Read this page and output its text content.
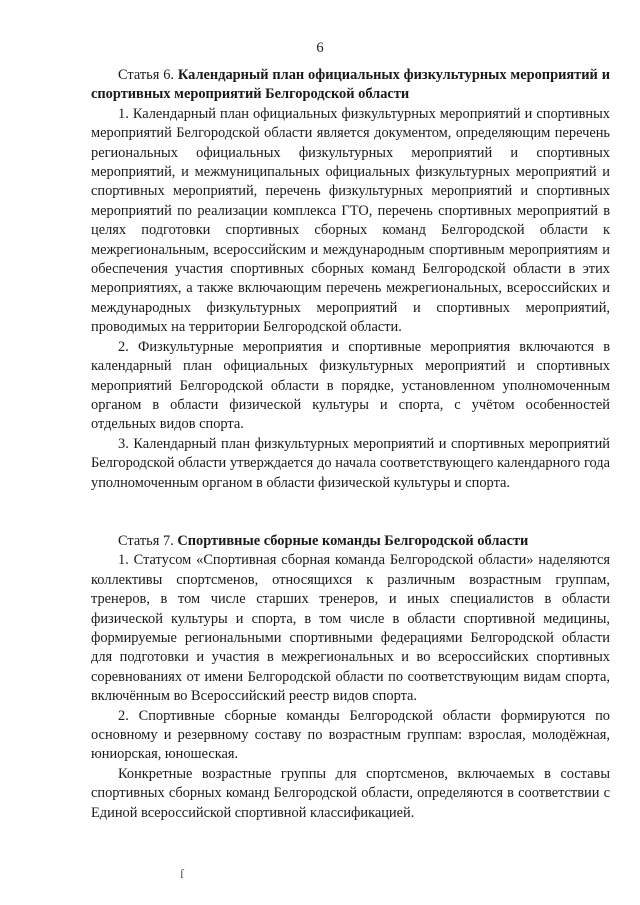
6

Статья 6. Календарный план официальных физкультурных мероприятий и спортивных мероприятий Белгородской области

1. Календарный план официальных физкультурных мероприятий и спортивных мероприятий Белгородской области является документом, определяющим перечень региональных официальных физкультурных мероприятий и спортивных мероприятий, и межмуниципальных официальных физкультурных мероприятий и спортивных мероприятий, перечень физкультурных мероприятий и спортивных мероприятий по реализации комплекса ГТО, перечень спортивных мероприятий в целях подготовки спортивных сборных команд Белгородской области к межрегиональным, всероссийским и международным спортивным мероприятиям и обеспечения участия спортивных сборных команд Белгородской области в этих мероприятиях, а также включающим перечень межрегиональных, всероссийских и международных физкультурных мероприятий и спортивных мероприятий, проводимых на территории Белгородской области.

2. Физкультурные мероприятия и спортивные мероприятия включаются в календарный план официальных физкультурных мероприятий и спортивных мероприятий Белгородской области в порядке, установленном уполномоченным органом в области физической культуры и спорта, с учётом особенностей отдельных видов спорта.

3. Календарный план физкультурных мероприятий и спортивных мероприятий Белгородской области утверждается до начала соответствующего календарного года уполномоченным органом в области физической культуры и спорта.

Статья 7. Спортивные сборные команды Белгородской области

1. Статусом «Спортивная сборная команда Белгородской области» наделяются коллективы спортсменов, относящихся к различным возрастным группам, тренеров, в том числе старших тренеров, и иных специалистов в области физической культуры и спорта, в том числе в области спортивной медицины, формируемые региональными спортивными федерациями Белгородской области для подготовки и участия в межрегиональных и во всероссийских спортивных соревнованиях от имени Белгородской области по соответствующим видам спорта, включённым во Всероссийский реестр видов спорта.

2. Спортивные сборные команды Белгородской области формируются по основному и резервному составу по возрастным группам: взрослая, молодёжная, юниорская, юношеская.

Конкретные возрастные группы для спортсменов, включаемых в составы спортивных сборных команд Белгородской области, определяются в соответствии с Единой всероссийской спортивной классификацией.

ſ
